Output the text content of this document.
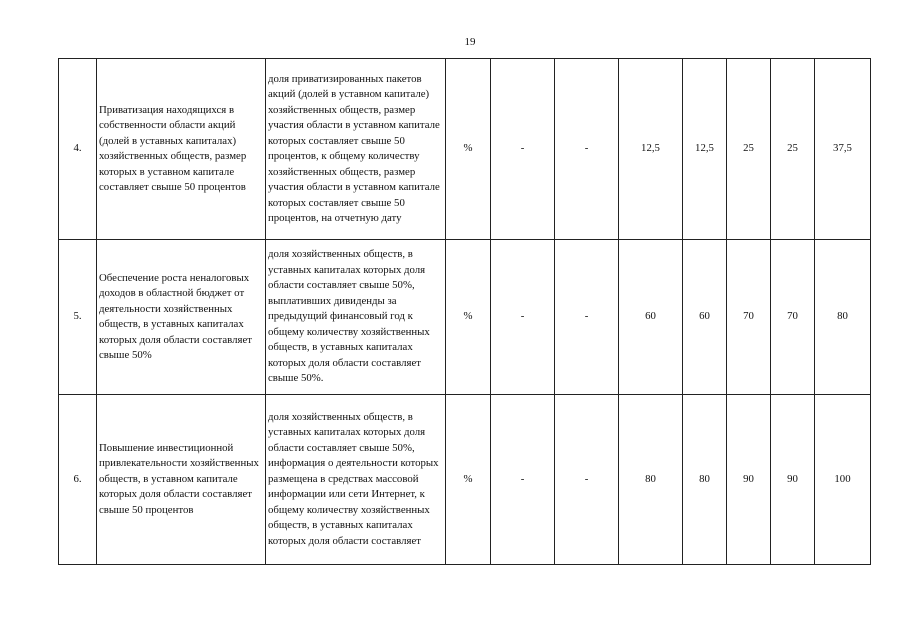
19
4.	Приватизация находящихся в собственности области акций (долей в уставных капиталах) хозяйственных обществ, размер которых в уставном капитале составляет свыше 50 процентов	доля приватизированных пакетов акций (долей в уставном капитале) хозяйственных обществ, размер участия области в уставном капитале которых составляет свыше 50 процентов, к общему количеству хозяйственных обществ, размер участия области в уставном капитале которых составляет свыше 50 процентов, на отчетную дату	%	-	-	12,5	12,5	25	25	37,5
5.	Обеспечение роста неналоговых доходов в областной бюджет от деятельности хозяйственных обществ, в уставных капиталах которых доля области составляет свыше 50%	доля хозяйственных обществ, в уставных капиталах которых доля области составляет свыше 50%, выплативших дивиденды за предыдущий финансовый год к общему количеству хозяйственных обществ, в уставных капиталах которых доля области составляет свыше 50%.	%	-	-	60	60	70	70	80
6.	Повышение инвестиционной привлекательности хозяйственных обществ, в уставном капитале которых доля области составляет свыше 50 процентов	доля хозяйственных обществ, в уставных капиталах которых доля области составляет свыше 50%, информация о деятельности которых размещена в средствах массовой информации или сети Интернет, к общему количеству хозяйственных обществ, в уставных капиталах которых доля области составляет	%	-	-	80	80	90	90	100
